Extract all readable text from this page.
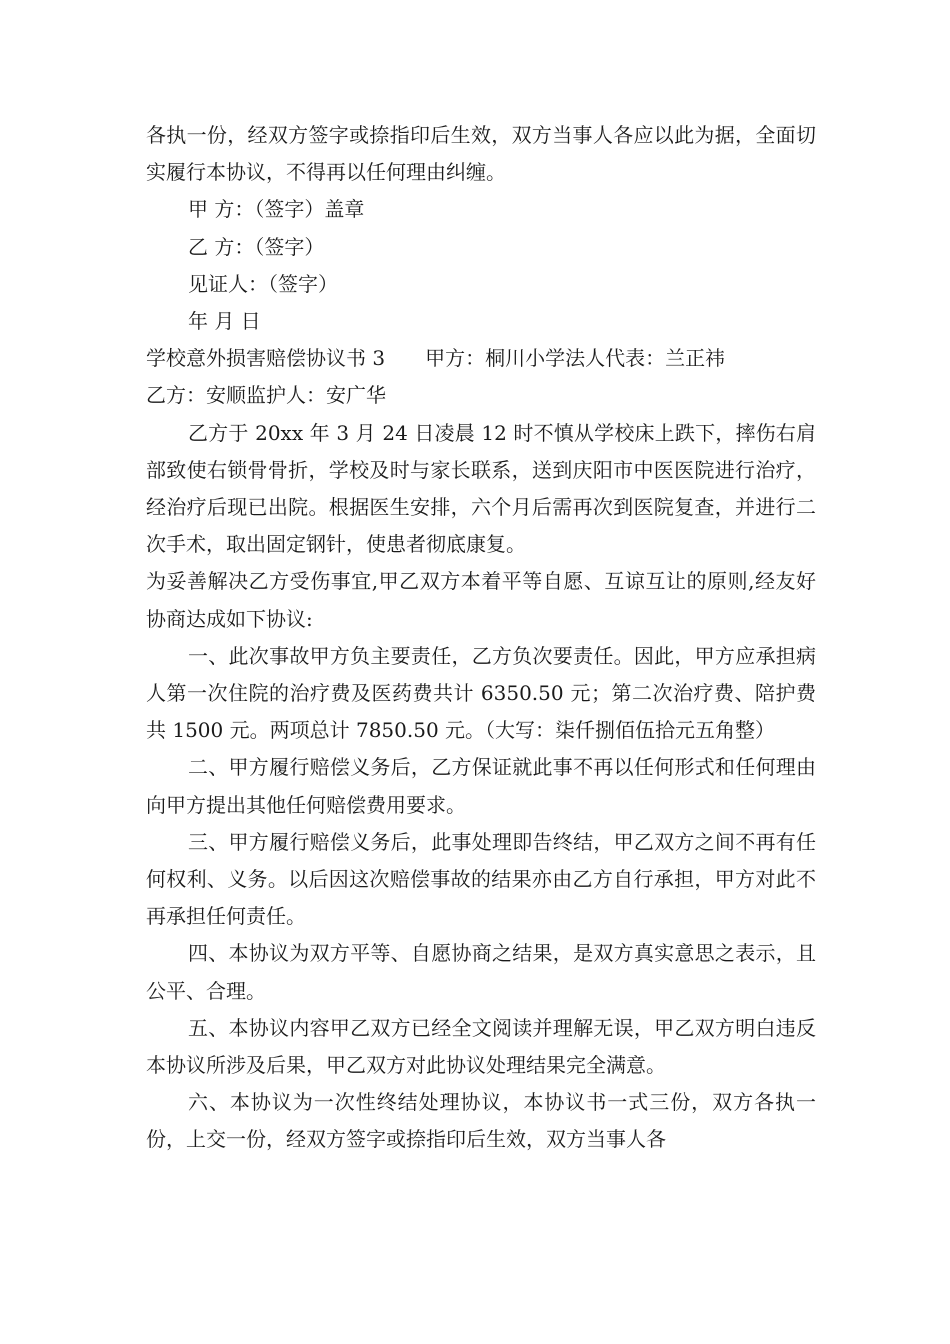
各执一份，经双方签字或捺指印后生效，双方当事人各应以此为据，全面切实履行本协议，不得再以任何理由纠缠。

甲 方：（签字）盖章

乙 方：（签字）

见证人：（签字）

年 月 日

学校意外损害赔偿协议书 3 甲方：桐川小学法人代表：兰正祎

乙方：安顺监护人：安广华

乙方于 20xx 年 3 月 24 日凌晨 12 时不慎从学校床上跌下，摔伤右肩部致使右锁骨骨折，学校及时与家长联系，送到庆阳市中医医院进行治疗，经治疗后现已出院。根据医生安排，六个月后需再次到医院复查，并进行二次手术，取出固定钢针，使患者彻底康复。

为妥善解决乙方受伤事宜,甲乙双方本着平等自愿、互谅互让的原则,经友好协商达成如下协议:

一、此次事故甲方负主要责任，乙方负次要责任。因此，甲方应承担病人第一次住院的治疗费及医药费共计 6350.50 元；第二次治疗费、陪护费共 1500 元。两项总计 7850.50 元。（大写：柒仟捌佰伍拾元五角整）

二、甲方履行赔偿义务后，乙方保证就此事不再以任何形式和任何理由向甲方提出其他任何赔偿费用要求。

三、甲方履行赔偿义务后，此事处理即告终结，甲乙双方之间不再有任何权利、义务。以后因这次赔偿事故的结果亦由乙方自行承担，甲方对此不再承担任何责任。

四、本协议为双方平等、自愿协商之结果，是双方真实意思之表示，且公平、合理。

五、本协议内容甲乙双方已经全文阅读并理解无误，甲乙双方明白违反本协议所涉及后果，甲乙双方对此协议处理结果完全满意。

六、本协议为一次性终结处理协议，本协议书一式三份，双方各执一份，上交一份，经双方签字或捺指印后生效，双方当事人各
